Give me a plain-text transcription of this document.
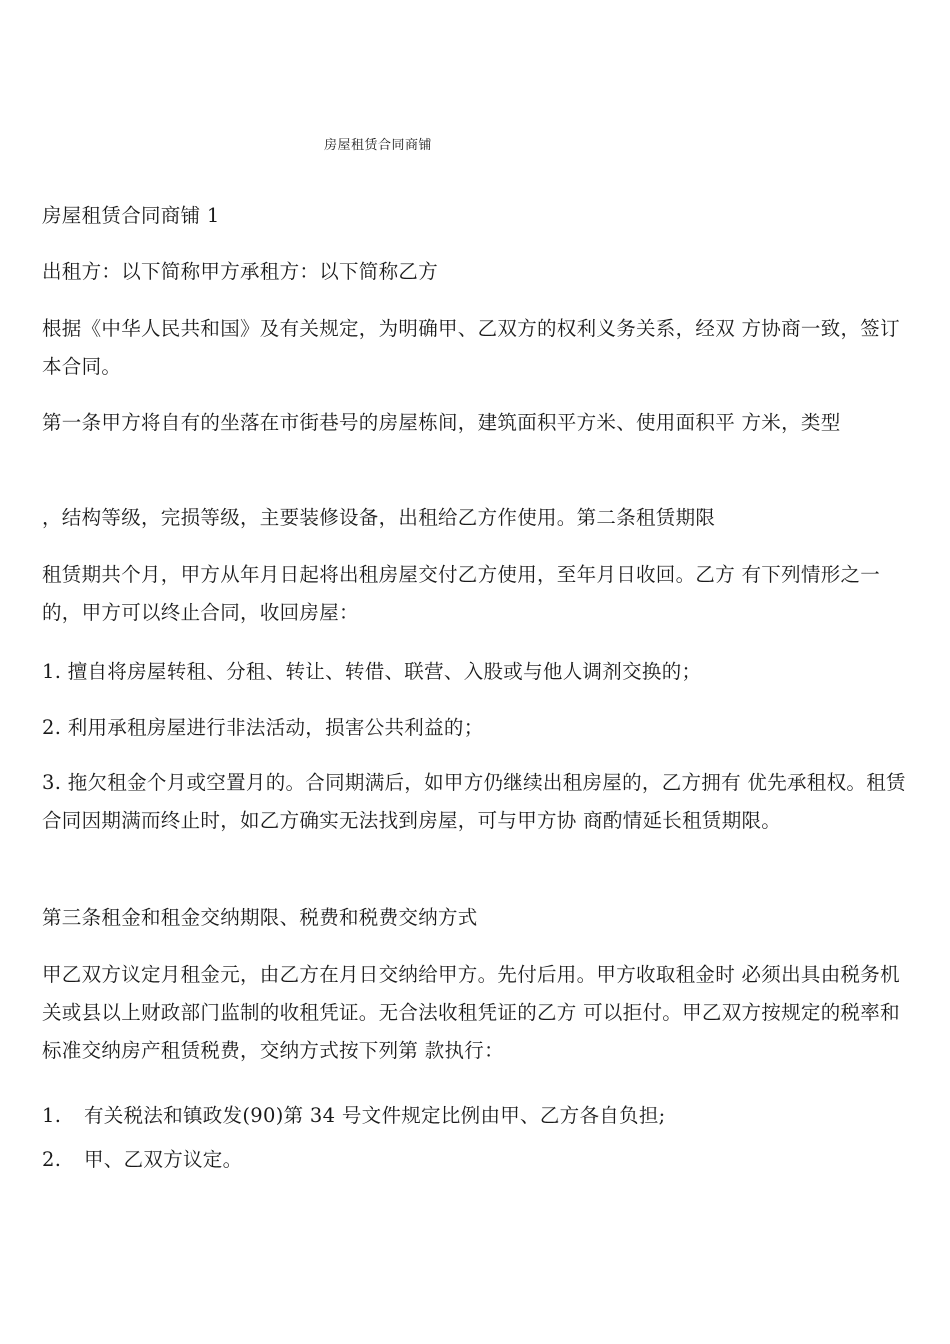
房屋租赁合同商铺

房屋租赁合同商铺 1

出租方：以下简称甲方承租方：以下简称乙方

根据《中华人民共和国》及有关规定，为明确甲、乙双方的权利义务关系，经双 方协商一致，签订本合同。

第一条甲方将自有的坐落在市街巷号的房屋栋间，建筑面积平方米、使用面积平 方米，类型

，结构等级，完损等级，主要装修设备，出租给乙方作使用。第二条租赁期限

租赁期共个月，甲方从年月日起将出租房屋交付乙方使用，至年月日收回。乙方 有下列情形之一的，甲方可以终止合同，收回房屋：

1. 擅自将房屋转租、分租、转让、转借、联营、入股或与他人调剂交换的；

2. 利用承租房屋进行非法活动，损害公共利益的；

3. 拖欠租金个月或空置月的。合同期满后，如甲方仍继续出租房屋的，乙方拥有 优先承租权。租赁合同因期满而终止时，如乙方确实无法找到房屋，可与甲方协 商酌情延长租赁期限。

第三条租金和租金交纳期限、税费和税费交纳方式

甲乙双方议定月租金元，由乙方在月日交纳给甲方。先付后用。甲方收取租金时 必须出具由税务机关或县以上财政部门监制的收租凭证。无合法收租凭证的乙方 可以拒付。甲乙双方按规定的税率和标准交纳房产租赁税费，交纳方式按下列第 款执行：

1. 有关税法和镇政发(90)第 34 号文件规定比例由甲、乙方各自负担;
2. 甲、乙双方议定。
